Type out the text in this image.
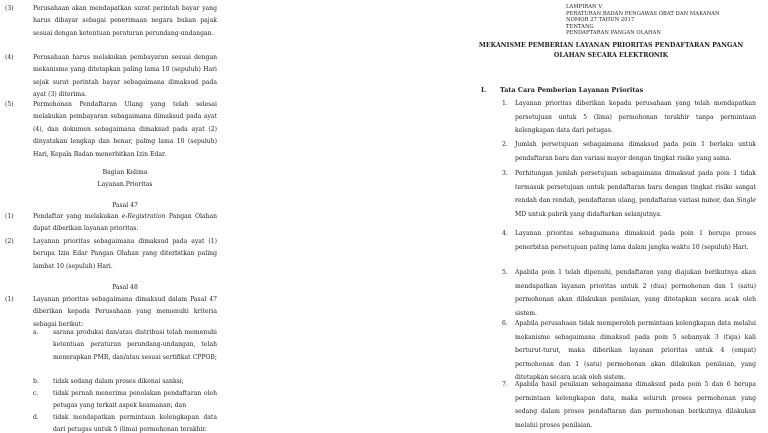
(3)	Perusahaan akan mendapatkan surat perintah bayar yang harus dibayar sebagai penerimaan negara bukan pajak sesuai dengan ketentuan peraturan perundang-undangan.

(4)	Perusahaan harus melakukan pembayaran sesuai dengan mekanisme yang ditetapkan paling lama 10 (sepuluh) Hari sejak surat perintah bayar sebagaimana dimaksud pada ayat (3) diterima.

(5)	Permohonan Pendaftaran Ulang yang telah selesai melakukan pembayaran sebagaimana dimaksud pada ayat (4), dan dokumen sebagaimana dimaksud pada ayat (2) dinyatakan lengkap dan benar, paling lama 10 (sepuluh) Hari, Kepala Badan menerbitkan Izin Edar.

Bagian Kelima
Layanan Prioritas
Pasal 47
(1)	Pendaftar yang melakukan e-Registration Pangan Olahan dapat diberikan layanan prioritas.

(2)	Layanan prioritas sebagaimana dimaksud pada ayat (1) berupa Izin Edar Pangan Olahan yang diterbitkan paling lambat 10 (sepuluh) Hari.

Pasal 48
(1)	Layanan prioritas sebagaimana dimaksud dalam Pasal 47 diberikan kepada Perusahaan yang memenuhi kriteria sebagai berikut:

a. sarana produksi dan/atau distribusi telah memenuhi ketentuan peraturan perundang-undangan, telah menerapkan PMR, dan/atau sesuai sertifikat CPPOB;

b. tidak sedang dalam proses dikenai sanksi;

c. tidak pernah menerima penolakan pendaftaran oleh petugas yang terkait aspek keamanan; dan

d. tidak mendapatkan permintaan kelengkapan data dari petugas untuk 5 (lima) permohonan terakhir.

LAMPIRAN V
PERATURAN BADAN PENGAWAS OBAT DAN MAKANAN
NOMOR 27 TAHUN 2017
TENTANG
PENDAFTARAN PANGAN OLAHAN
MEKANISME PEMBERIAN LAYANAN PRIORITAS PENDAFTARAN PANGAN
OLAHAN SECARA ELEKTRONIK
I. Tata Cara Pemberian Layanan Prioritas
1. Layanan prioritas diberikan kepada perusahaan yang telah mendapatkan persetujuan untuk 5 (lima) permohonan terakhir tanpa permintaan kelengkapan data dari petugas.

2. Jumlah persetujuan sebagaimana dimaksud pada poin 1 berlaku untuk pendaftaran baru dan variasi mayor dengan tingkat risiko yang sama.

3. Perhitungan jumlah persetujuan sebagaimana dimaksud pada poin 1 tidak termasuk persetujuan untuk pendaftaran baru dengan tingkat risiko sangat rendah dan rendah, pendaftaran ulang, pendaftaran variasi minor, dan Single MD untuk pabrik yang didaftarkan selanjutnya.

4. Layanan prioritas sebagaimana dimaksud pada poin 1 berupa proses penerbitan persetujuan paling lama dalam jangka waktu 10 (sepuluh) Hari.

5. Apabila poin 1 telah dipenuhi, pendaftaran yang diajukan berikutnya akan mendapatkan layanan prioritas untuk 2 (dua) permohonan dan 1 (satu) permohonan akan dilakukan penilaian, yang ditetapkan secara acak oleh sistem.

6. Apabila perusahaan tidak memperoleh permintaan kelengkapan data melalui mekanisme sebagaimana dimaksud pada poin 5 sebanyak 3 (tiga) kali berturut-turut, maka diberikan layanan prioritas untuk 4 (empat) permohonan dan 1 (satu) permohonan akan dilakukan penilaian, yang ditetapkan secara acak oleh sistem.

7. Apabila hasil penilaian sebagaimana dimaksud pada poin 5 dan 6 berupa permintaan kelengkapan data, maka seluruh proses permohonan yang sedang dalam proses pendaftaran dan permohonan berikutnya dilakukan melalui proses penilaian.
